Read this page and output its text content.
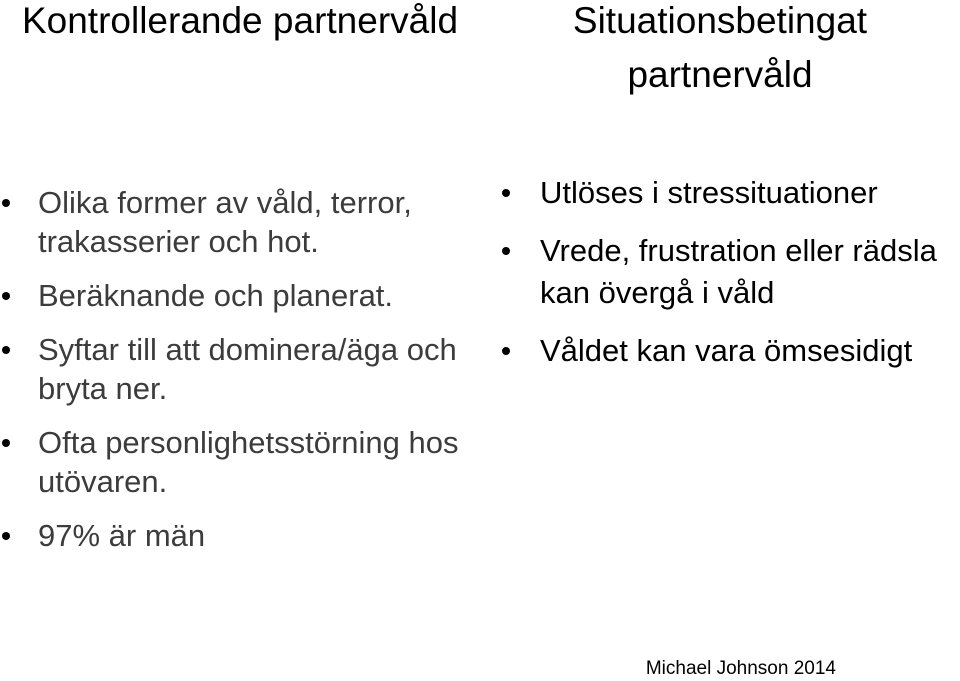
Kontrollerande partnervåld	Situationsbetingat partnervåld
Olika former av våld, terror, trakasserier och hot.
Beräknande och planerat.
Syftar till att dominera/äga och bryta ner.
Ofta personlighetsstörning hos utövaren.
97% är män
Utlöses i stressituationer
Vrede, frustration eller rädsla kan övergå i våld
Våldet kan vara ömsesidigt
Michael Johnson 2014
